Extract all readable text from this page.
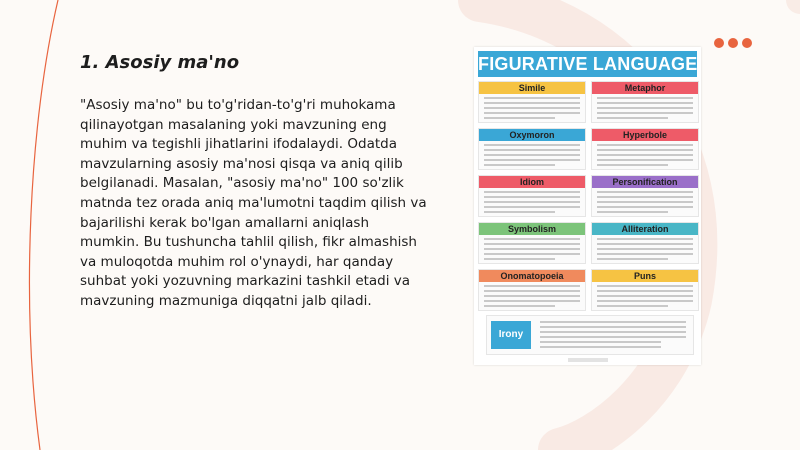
1. Asosiy ma'no

"Asosiy ma'no" bu to'g'ridan-to'g'ri muhokama qilinayotgan masalaning yoki mavzuning eng muhim va tegishli jihatlarini ifodalaydi. Odatda mavzularning asosiy ma'nosi qisqa va aniq qilib belgilanadi. Masalan, "asosiy ma'no" 100 so'zlik matnda tez orada aniq ma'lumotni taqdim qilish va bajarilishi kerak bo'lgan amallarni aniqlash mumkin. Bu tushuncha tahlil qilish, fikr almashish va muloqotda muhim rol o'ynaydi, har qanday suhbat yoki yozuvning markazini tashkil etadi va mavzuning mazmuniga diqqatni jalb qiladi.

FIGURATIVE LANGUAGE
Simile	Metaphor
Oxymoron	Hyperbole
Idiom	Personification
Symbolism	Alliteration
Onomatopoeia	Puns
Irony
